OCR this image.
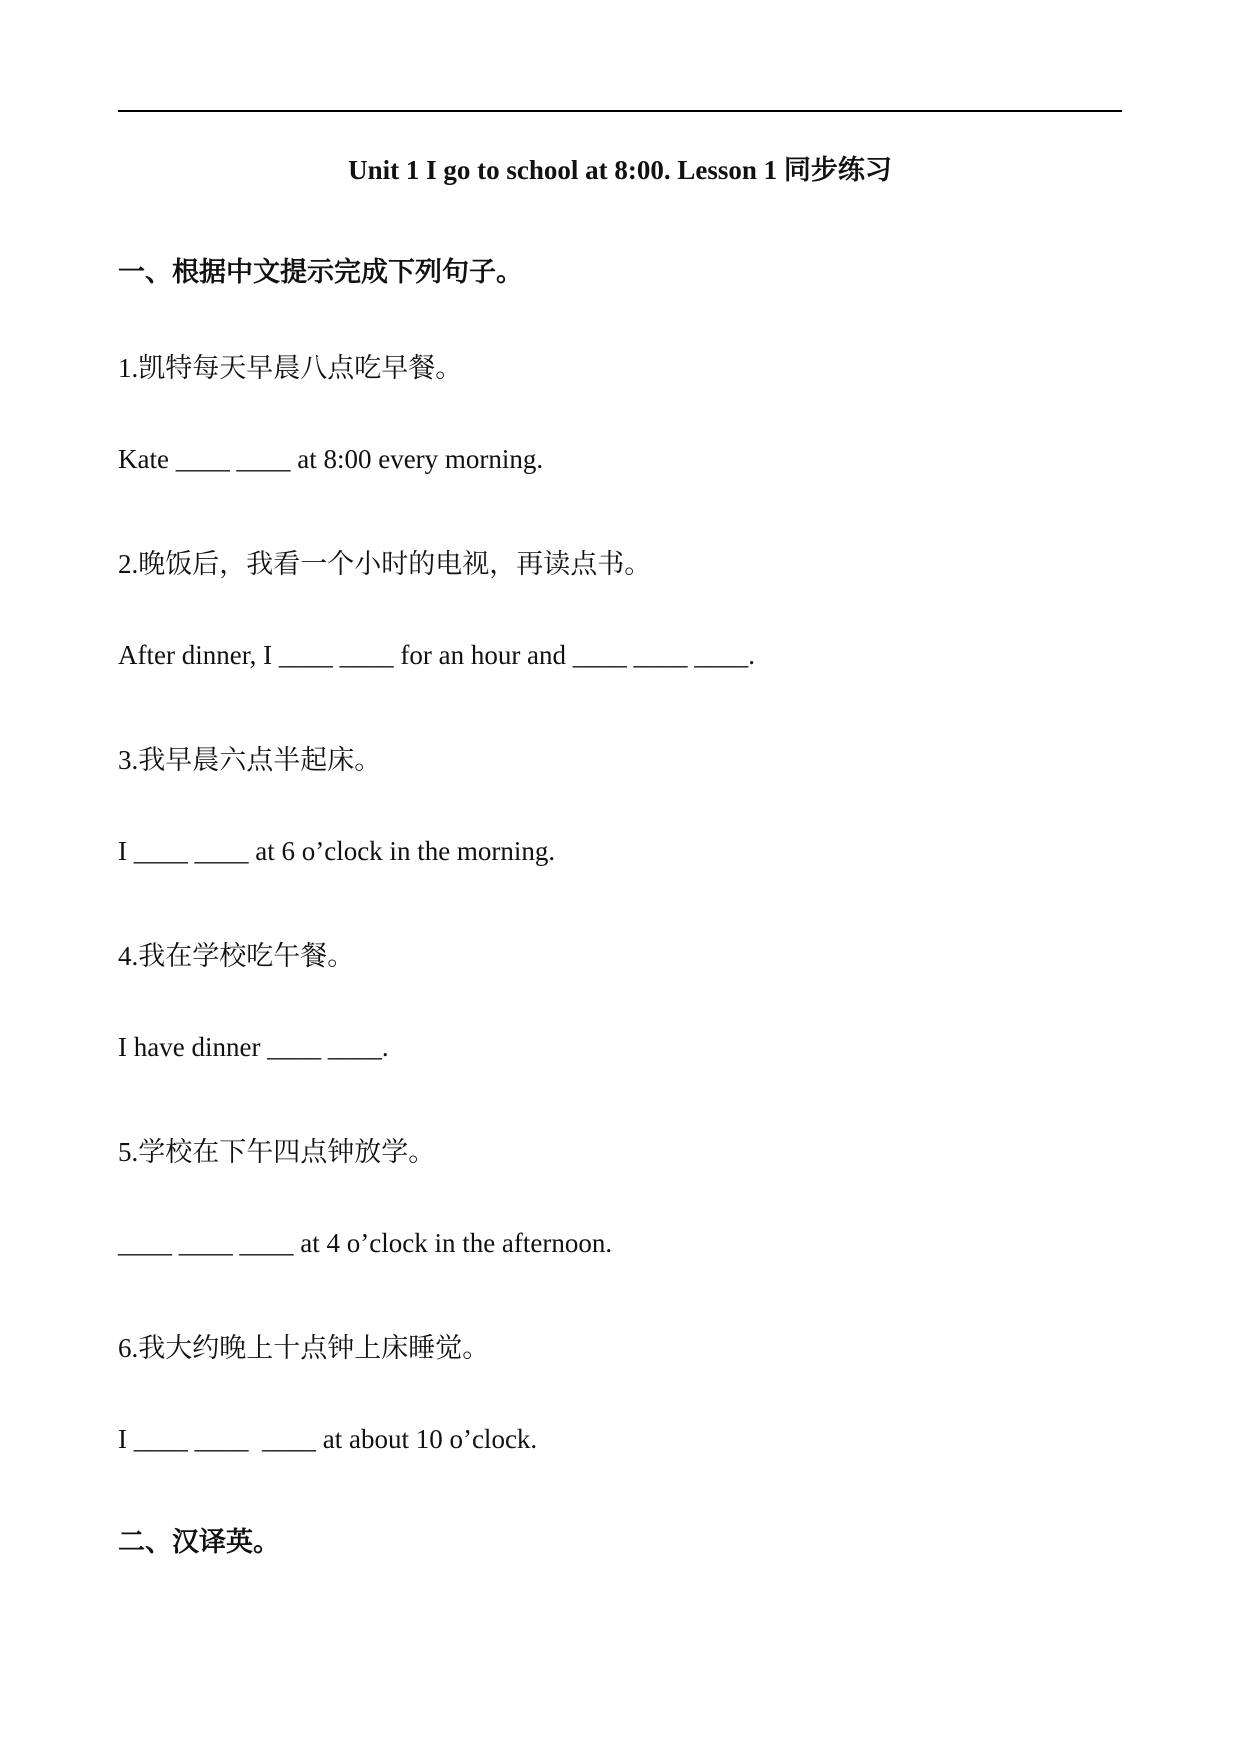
Unit 1 I go to school at 8:00. Lesson 1 同步练习
一、根据中文提示完成下列句子。
1.凯特每天早晨八点吃早餐。
Kate ____ ____ at 8:00 every morning.
2.晚饭后，我看一个小时的电视，再读点书。
After dinner, I ____ ____ for an hour and ____ ____ ____.
3.我早晨六点半起床。
I ____ ____ at 6 o’clock in the morning.
4.我在学校吃午餐。
I have dinner ____ ____.
5.学校在下午四点钟放学。
____ ____ ____ at 4 o’clock in the afternoon.
6.我大约晚上十点钟上床睡觉。
I ____ ____  ____ at about 10 o’clock.
二、汉译英。
